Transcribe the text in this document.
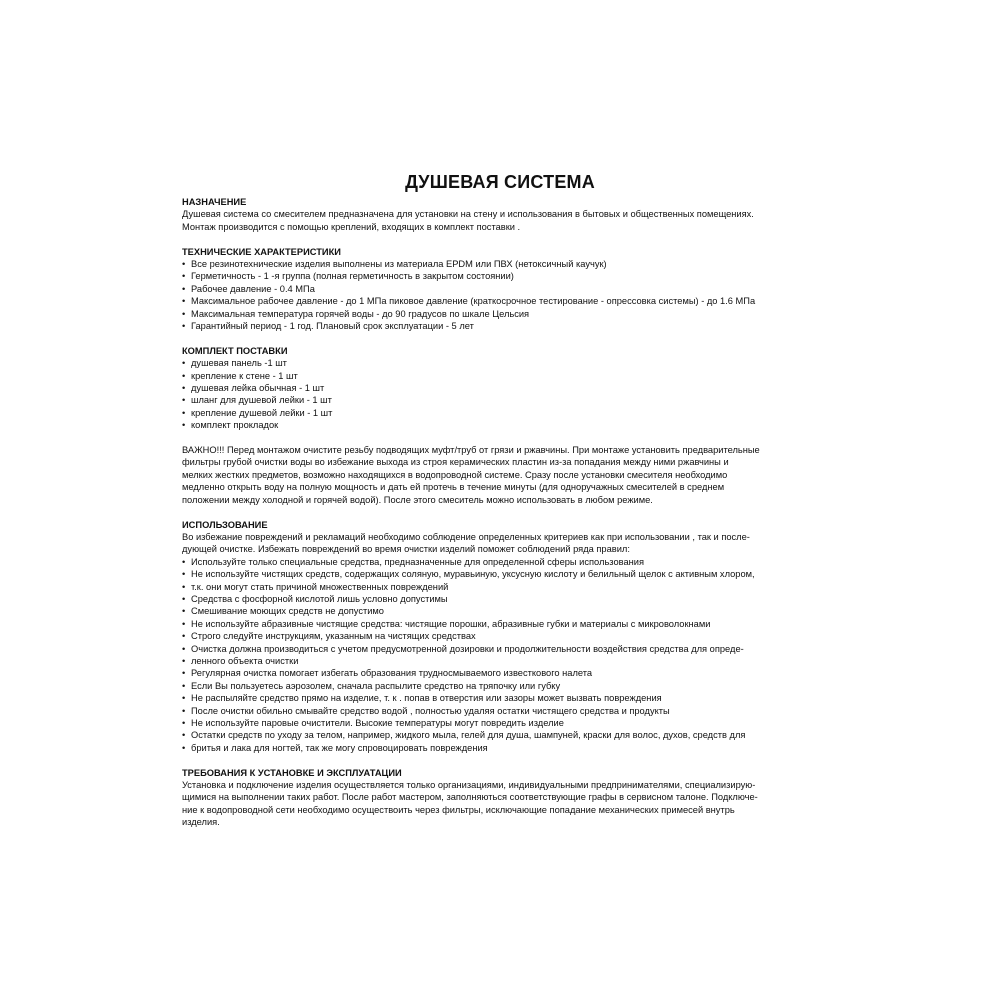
ДУШЕВАЯ СИСТЕМА
НАЗНАЧЕНИЕ

Душевая система со смесителем предназначена для установки на стену и использования в бытовых и общественных помещениях.

Монтаж производится с помощью креплений, входящих в комплект поставки .

ТЕХНИЧЕСКИЕ ХАРАКТЕРИСТИКИ
• Все резинотехнические изделия выполнены из материала EPDM или ПВХ (нетоксичный каучук)
• Герметичность - 1 -я группа (полная герметичность в закрытом состоянии)
• Рабочее давление - 0.4 МПа
• Максимальное рабочее давление - до 1 МПа пиковое давление (краткосрочное тестирование - опрессовка системы) - до 1.6 МПа
• Максимальная температура горячей воды - до 90 градусов по шкале Цельсия
• Гарантийный период - 1 год. Плановый срок эксплуатации - 5 лет
КОМПЛЕКТ ПОСТАВКИ
• душевая панель -1 шт
• крепление к стене - 1 шт
• душевая лейка обычная - 1 шт
• шланг для душевой лейки - 1 шт
• крепление душевой лейки - 1 шт
• комплект прокладок

ВАЖНО!!! Перед монтажом очистите резьбу подводящих муфт/труб от грязи и ржавчины. При монтаже установить предварительные

фильтры грубой очистки воды во избежание выхода из строя керамических пластин из-за попадания между ними ржавчины и

мелких жестких предметов, возможно находящихся в водопроводной системе. Сразу после установки смесителя необходимо

медленно открыть воду на полную мощность и дать ей протечь в течение минуты (для одноручажных смесителей в среднем

положении между холодной и горячей водой). После этого смеситель можно использовать в любом режиме.

ИСПОЛЬЗОВАНИЕ

Во избежание повреждений и рекламаций необходимо соблюдение определенных критериев как при использовании , так и после-

дующей очистке. Избежать повреждений во время очистки изделий поможет соблюдений ряда правил:

• Используйте только специальные средства, предназначенные для определенной сферы использования
• Не используйте чистящих средств, содержащих соляную, муравьиную, уксусную кислоту и белильный щелок с активным хлором,
• т.к. они могут стать причиной множественных повреждений
• Средства с фосфорной кислотой лишь условно допустимы
• Смешивание моющих средств не допустимо
• Не используйте абразивные чистящие средства: чистящие порошки, абразивные губки и материалы с микроволокнами
• Строго следуйте инструкциям, указанным на чистящих средствах
• Очистка должна производиться с учетом предусмотренной дозировки и продолжительности воздействия средства для опреде-
• ленного объекта очистки
• Регулярная очистка помогает избегать образования трудносмываемого известкового налета
• Если Вы пользуетесь аэрозолем, сначала распылите средство на тряпочку или губку
• Не распыляйте средство прямо на изделие, т. к . попав в отверстия или зазоры может вызвать повреждения
• После очистки обильно смывайте средство водой , полностью удаляя остатки чистящего средства и продукты
• Не используйте паровые очистители. Высокие температуры могут повредить изделие
• Остатки средств по уходу за телом, например, жидкого мыла, гелей для душа, шампуней, краски для волос, духов, средств для
• бритья и лака для ногтей, так же могу спровоцировать повреждения
ТРЕБОВАНИЯ К УСТАНОВКЕ И ЭКСПЛУАТАЦИИ

Установка и подключение изделия осуществляется только организациями, индивидуальными предпринимателями, специализирую-

щимися на выполнении таких работ. После работ мастером, заполняються соответствующие графы в сервисном талоне. Подключе-

ние к водопроводной сети необходимо осуществоить через фильтры, исключающие попадание механических примесей внутрь

изделия.
